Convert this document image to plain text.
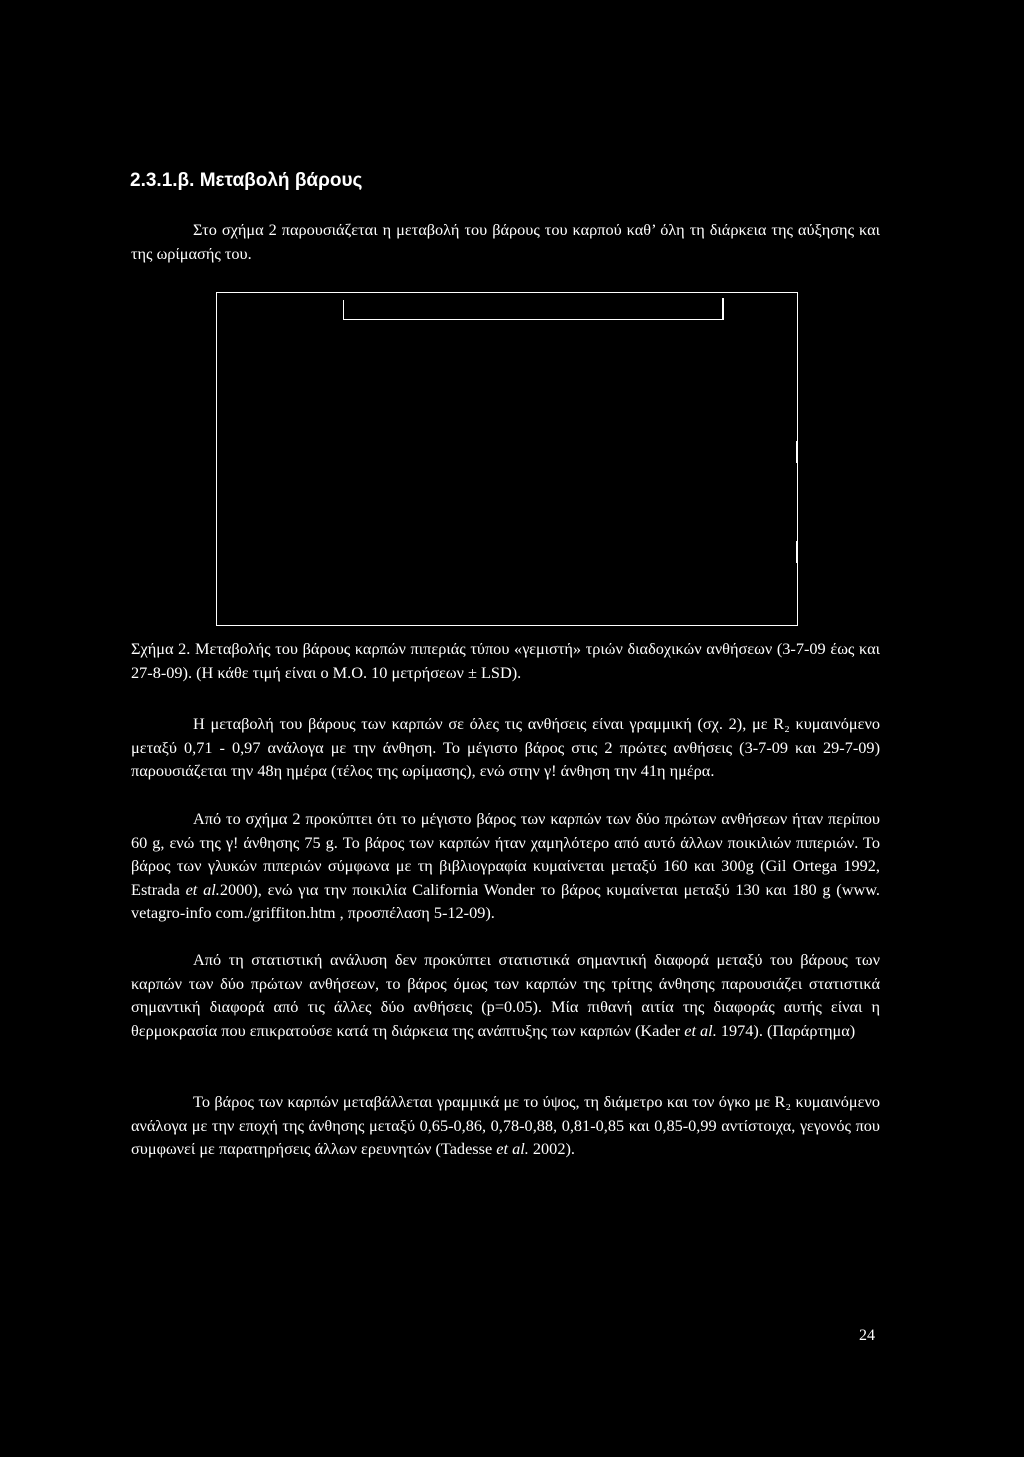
2.3.1.β. Μεταβολή βάρους

Στο σχήμα 2 παρουσιάζεται η μεταβολή του βάρους του καρπού καθ’ όλη τη διάρκεια της αύξησης και της ωρίμασής του.

Σχήμα 2. Μεταβολής του βάρους καρπών πιπεριάς τύπου «γεμιστή» τριών διαδοχικών ανθήσεων (3-7-09 έως και 27-8-09). (Η κάθε τιμή είναι ο Μ.Ο. 10 μετρήσεων ± LSD).

Η μεταβολή του βάρους των καρπών σε όλες τις ανθήσεις είναι γραμμική (σχ. 2), με R₂ κυμαινόμενο μεταξύ 0,71 - 0,97 ανάλογα με την άνθηση. Το μέγιστο βάρος στις 2 πρώτες ανθήσεις (3-7-09 και 29-7-09) παρουσιάζεται την 48η ημέρα (τέλος της ωρίμασης), ενώ στην γ! άνθηση την 41η ημέρα.

Από το σχήμα 2 προκύπτει ότι το μέγιστο βάρος των καρπών των δύο πρώτων ανθήσεων ήταν περίπου 60 g, ενώ της γ! άνθησης 75 g. Το βάρος των καρπών ήταν χαμηλότερο από αυτό άλλων ποικιλιών πιπεριών. Το βάρος των γλυκών πιπεριών σύμφωνα με τη βιβλιογραφία κυμαίνεται μεταξύ 160 και 300g (Gil Ortega 1992, Estrada et al.2000), ενώ για την ποικιλία California Wonder το βάρος κυμαίνεται μεταξύ 130 και 180 g (www. vetagro-info com./griffiton.htm , προσπέλαση 5-12-09).

Από τη στατιστική ανάλυση δεν προκύπτει στατιστικά σημαντική διαφορά μεταξύ του βάρους των καρπών των δύο πρώτων ανθήσεων, το βάρος όμως των καρπών της τρίτης άνθησης παρουσιάζει στατιστικά σημαντική διαφορά από τις άλλες δύο ανθήσεις (p=0.05). Μία πιθανή αιτία της διαφοράς αυτής είναι η θερμοκρασία που επικρατούσε κατά τη διάρκεια της ανάπτυξης των καρπών (Kader et al. 1974). (Παράρτημα)

Το βάρος των καρπών μεταβάλλεται γραμμικά με το ύψος, τη διάμετρο και τον όγκο με R₂ κυμαινόμενο ανάλογα με την εποχή της άνθησης μεταξύ 0,65-0,86, 0,78-0,88, 0,81-0,85 και 0,85-0,99 αντίστοιχα, γεγονός που συμφωνεί με παρατηρήσεις άλλων ερευνητών (Tadesse et al. 2002).

24
